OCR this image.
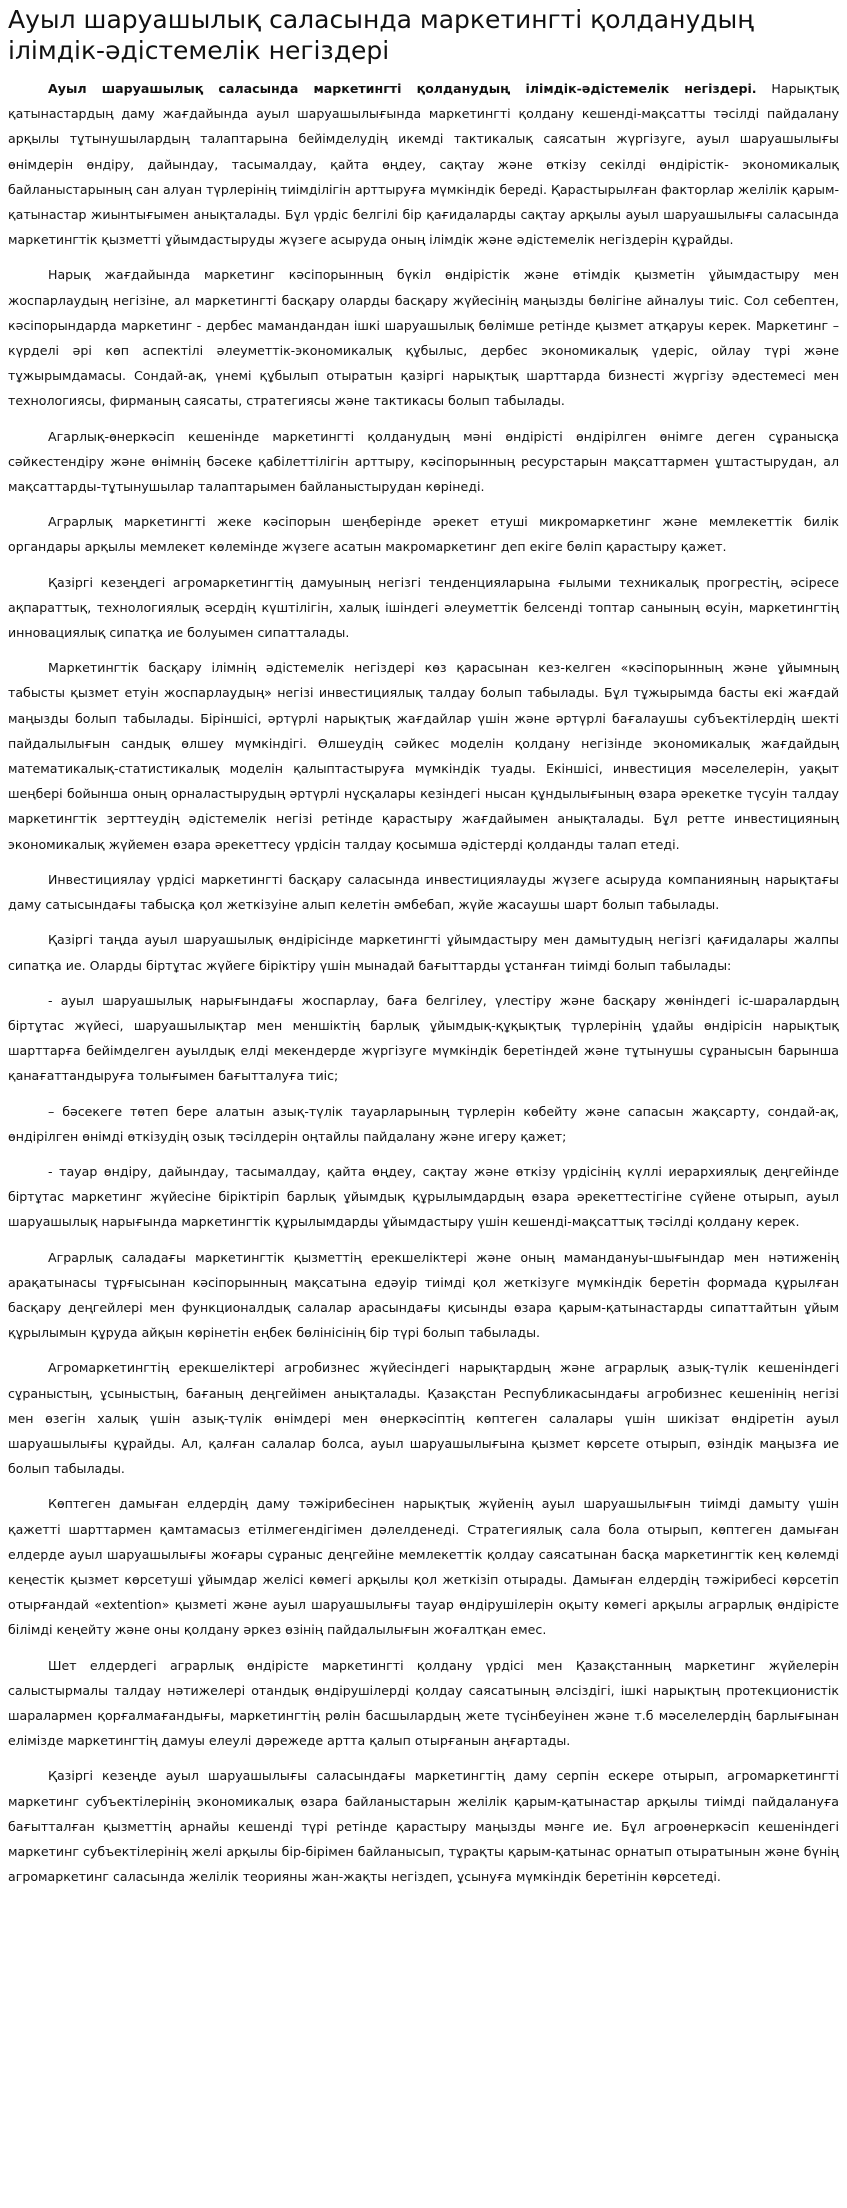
Ауыл шаруашылық саласында маркетингті қолданудың ілімдік-әдістемелік негіздері

Ауыл шаруашылық саласында маркетингті қолданудың ілімдік-әдістемелік негіздері. Нарықтық қатынастардың даму жағдайында ауыл шаруашылығында маркетингті қолдану кешенді-мақсатты тәсілді пайдалану арқылы тұтынушылардың талаптарына бейімделудің икемді тактикалық саясатын жүргізуге, ауыл шаруашылығы өнімдерін өндіру, дайындау, тасымалдау, қайта өңдеу, сақтау және өткізу секілді өндірістік- экономикалық байланыстарының сан алуан түрлерінің тиімділігін арттыруға мүмкіндік береді. Қарастырылған факторлар желілік қарым-қатынастар жиынтығымен анықталады. Бұл үрдіс белгілі бір қағидаларды сақтау арқылы ауыл шаруашылығы саласында маркетингтік қызметті ұйымдастыруды жүзеге асыруда оның ілімдік және әдістемелік негіздерін құрайды.

Нарық жағдайында маркетинг кәсіпорынның бүкіл өндірістік және өтімдік қызметін ұйымдастыру мен жоспарлаудың негізіне, ал маркетингті басқару оларды басқару жүйесінің маңызды бөлігіне айналуы тиіс. Сол себептен, кәсіпорындарда маркетинг - дербес мамандандан ішкі шаруашылық бөлімше ретінде қызмет атқаруы керек. Маркетинг – күрделі әрі көп аспектілі әлеуметтік-экономикалық құбылыс, дербес экономикалық үдеріс, ойлау түрі және тұжырымдамасы. Сондай-ақ, үнемі құбылып отыратын қазіргі нарықтық шарттарда бизнесті жүргізу әдестемесі мен технологиясы, фирманың саясаты, стратегиясы және тактикасы болып табылады.

Агарлық-өнеркәсіп кешенінде маркетингті қолданудың мәні өндірісті өндірілген өнімге деген сұранысқа сәйкестендіру және өнімнің бәсеке қабілеттілігін арттыру, кәсіпорынның ресурстарын мақсаттармен ұштастырудан, ал мақсаттарды-тұтынушылар талаптарымен байланыстырудан көрінеді.

Аграрлық маркетингті жеке кәсіпорын шеңберінде әрекет етуші микромаркетинг және мемлекеттік билік органдары арқылы мемлекет көлемінде жүзеге асатын макромаркетинг деп екіге бөліп қарастыру қажет.

Қазіргі кезеңдегі агромаркетингтің дамуының негізгі тенденцияларына ғылыми техникалық прогрестің, әсіресе ақпараттық, технологиялық әсердің күштілігін, халық ішіндегі әлеуметтік белсенді топтар санының өсуін, маркетингтің инновациялық сипатқа ие болуымен сипатталады.

Маркетингтік басқару ілімнің әдістемелік негіздері көз қарасынан кез-келген «кәсіпорынның және ұйымның табысты қызмет етуін жоспарлаудың» негізі инвестициялық талдау болып табылады. Бұл тұжырымда басты екі жағдай маңызды болып табылады. Біріншісі, әртүрлі нарықтық жағдайлар үшін және әртүрлі бағалаушы субъектілердің шекті пайдалылығын сандық өлшеу мүмкіндігі. Өлшеудің сәйкес моделін қолдану негізінде экономикалық жағдайдың математикалық-статистикалық моделін қалыптастыруға мүмкіндік туады. Екіншісі, инвестиция мәселелерін, уақыт шеңбері бойынша оның орналастырудың әртүрлі нұсқалары кезіндегі нысан құндылығының өзара әрекетке түсуін талдау маркетингтік зерттеудің әдістемелік негізі ретінде қарастыру жағдайымен анықталады. Бұл ретте инвестицияның экономикалық жүйемен өзара әрекеттесу үрдісін талдау қосымша әдістерді қолданды талап етеді.

Инвестициялау үрдісі маркетингті басқару саласында инвестициялауды жүзеге асыруда компанияның нарықтағы даму сатысындағы табысқа қол жеткізуіне алып келетін әмбебап, жүйе жасаушы шарт болып табылады.

Қазіргі таңда ауыл шаруашылық өндірісінде маркетингті ұйымдастыру мен дамытудың негізгі қағидалары жалпы сипатқа ие. Оларды біртұтас жүйеге біріктіру үшін мынадай бағыттарды ұстанған тиімді болып табылады:

- ауыл шаруашылық нарығындағы жоспарлау, баға белгілеу, үлестіру және басқару жөніндегі іс-шаралардың біртұтас жүйесі, шаруашылықтар мен меншіктің барлық ұйымдық-құқықтық түрлерінің ұдайы өндірісін нарықтық шарттарға бейімделген ауылдық елді мекендерде жүргізуге мүмкіндік беретіндей және тұтынушы сұранысын барынша қанағаттандыруға толығымен бағытталуға тиіс;

– бәсекеге төтеп бере алатын азық-түлік тауарларының түрлерін көбейту және сапасын жақсарту, сондай-ақ, өндірілген өнімді өткізудің озық тәсілдерін оңтайлы пайдалану және игеру қажет;

- тауар өндіру, дайындау, тасымалдау, қайта өңдеу, сақтау және өткізу үрдісінің күллі иерархиялық деңгейінде біртұтас маркетинг жүйесіне біріктіріп барлық ұйымдық құрылымдардың өзара әрекеттестігіне сүйене отырып, ауыл шаруашылық нарығында маркетингтік құрылымдарды ұйымдастыру үшін кешенді-мақсаттық тәсілді қолдану керек.

Аграрлық саладағы маркетингтік қызметтің ерекшеліктері және оның мамандануы-шығындар мен нәтиженің арақатынасы тұрғысынан кәсіпорынның мақсатына едәуір тиімді қол жеткізуге мүмкіндік беретін формада құрылған басқару деңгейлері мен функционалдық салалар арасындағы қисынды өзара қарым-қатынастарды сипаттайтын ұйым құрылымын құруда айқын көрінетін еңбек бөлінісінің бір түрі болып табылады.

Агромаркетингтің ерекшеліктері агробизнес жүйесіндегі нарықтардың және аграрлық азық-түлік кешеніндегі сұраныстың, ұсыныстың, бағаның деңгейімен анықталады. Қазақстан Республикасындағы агробизнес кешенінің негізі мен өзегін халық үшін азық-түлік өнімдері мен өнеркәсіптің көптеген салалары үшін шикізат өндіретін ауыл шаруашылығы құрайды. Ал, қалған салалар болса, ауыл шаруашылығына қызмет көрсете отырып, өзіндік маңызға ие болып табылады.

Көптеген дамыған елдердің даму тәжірибесінен нарықтық жүйенің ауыл шаруашылығын тиімді дамыту үшін қажетті шарттармен қамтамасыз етілмегендігімен дәлелденеді. Стратегиялық сала бола отырып, көптеген дамыған елдерде ауыл шаруашылығы жоғары сұраныс деңгейіне мемлекеттік қолдау саясатынан басқа маркетингтік кең көлемді кеңестік қызмет көрсетуші ұйымдар желісі көмегі арқылы қол жеткізіп отырады. Дамыған елдердің тәжірибесі көрсетіп отырғандай «extention» қызметі және ауыл шаруашылығы тауар өндірушілерін оқыту көмегі арқылы аграрлық өндірісте білімді кеңейту және оны қолдану әркез өзінің пайдалылығын жоғалтқан емес.

Шет елдердегі аграрлық өндірісте маркетингті қолдану үрдісі мен Қазақстанның маркетинг жүйелерін салыстырмалы талдау нәтижелері отандық өндірушілерді қолдау саясатының әлсіздігі, ішкі нарықтың протекционистік шаралармен қорғалмағандығы, маркетингтің рөлін басшылардың жете түсінбеуінен және т.б мәселелердің барлығынан елімізде маркетингтің дамуы елеулі дәрежеде артта қалып отырғанын аңғартады.

Қазіргі кезеңде ауыл шаруашылығы саласындағы маркетингтің даму серпін ескере отырып, агромаркетингті маркетинг субъектілерінің экономикалық өзара байланыстарын желілік қарым-қатынастар арқылы тиімді пайдалануға бағытталған қызметтің арнайы кешенді түрі ретінде қарастыру маңызды мәнге ие. Бұл агроөнеркәсіп кешеніндегі маркетинг субъектілерінің желі арқылы бір-бірімен байланысып, тұрақты қарым-қатынас орнатып отыратынын және бүнің агромаркетинг саласында желілік теорияны жан-жақты негіздеп, ұсынуға мүмкіндік беретінін көрсетеді.
